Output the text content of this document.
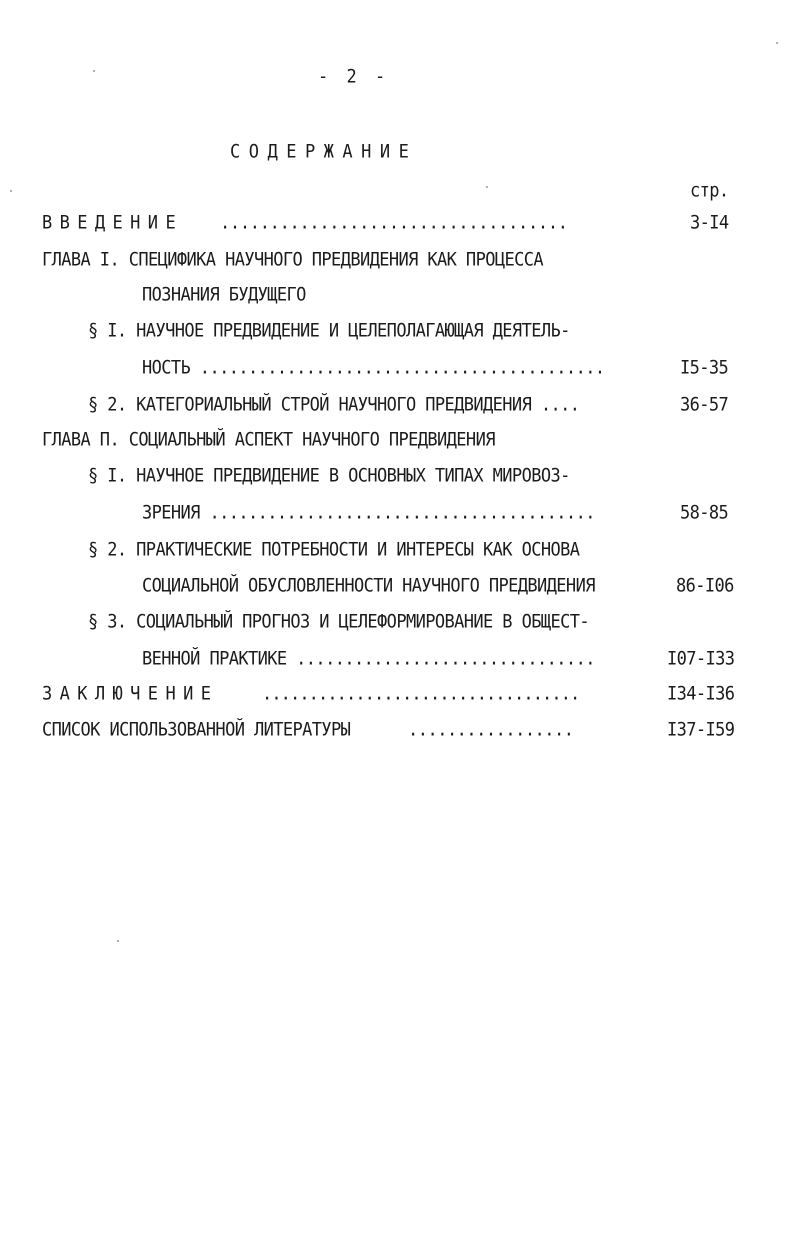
- 2 -
СОДЕРЖАНИЕ
стр.
ВВЕДЕНИЕ ...................................	3-I4
ГЛАВА I. СПЕЦИФИКА НАУЧНОГО ПРЕДВИДЕНИЯ КАК ПРОЦЕССА
ПОЗНАНИЯ БУДУЩЕГО
§ I. НАУЧНОЕ ПРЕДВИДЕНИЕ И ЦЕЛЕПОЛАГАЮЩАЯ ДЕЯТЕЛЬ-
НОСТЬ ..........................................	I5-35
§ 2. КАТЕГОРИАЛЬНЫЙ СТРОЙ НАУЧНОГО ПРЕДВИДЕНИЯ ....	36-57
ГЛАВА П. СОЦИАЛЬНЫЙ АСПЕКТ НАУЧНОГО ПРЕДВИДЕНИЯ
§ I. НАУЧНОЕ ПРЕДВИДЕНИЕ В ОСНОВНЫХ ТИПАХ МИРОВОЗ-
ЗРЕНИЯ ........................................	58-85
§ 2. ПРАКТИЧЕСКИЕ ПОТРЕБНОСТИ И ИНТЕРЕСЫ КАК ОСНОВА
СОЦИАЛЬНОЙ ОБУСЛОВЛЕННОСТИ НАУЧНОГО ПРЕДВИДЕНИЯ	86-I06
§ 3. СОЦИАЛЬНЫЙ ПРОГНОЗ И ЦЕЛЕФОРМИРОВАНИЕ В ОБЩЕСТ-
ВЕННОЙ ПРАКТИКЕ ...............................	I07-I33
ЗАКЛЮЧЕНИЕ	..................................	I34-I36
СПИСОК ИСПОЛЬЗОВАННОЙ ЛИТЕРАТУРЫ	.................	I37-I59
